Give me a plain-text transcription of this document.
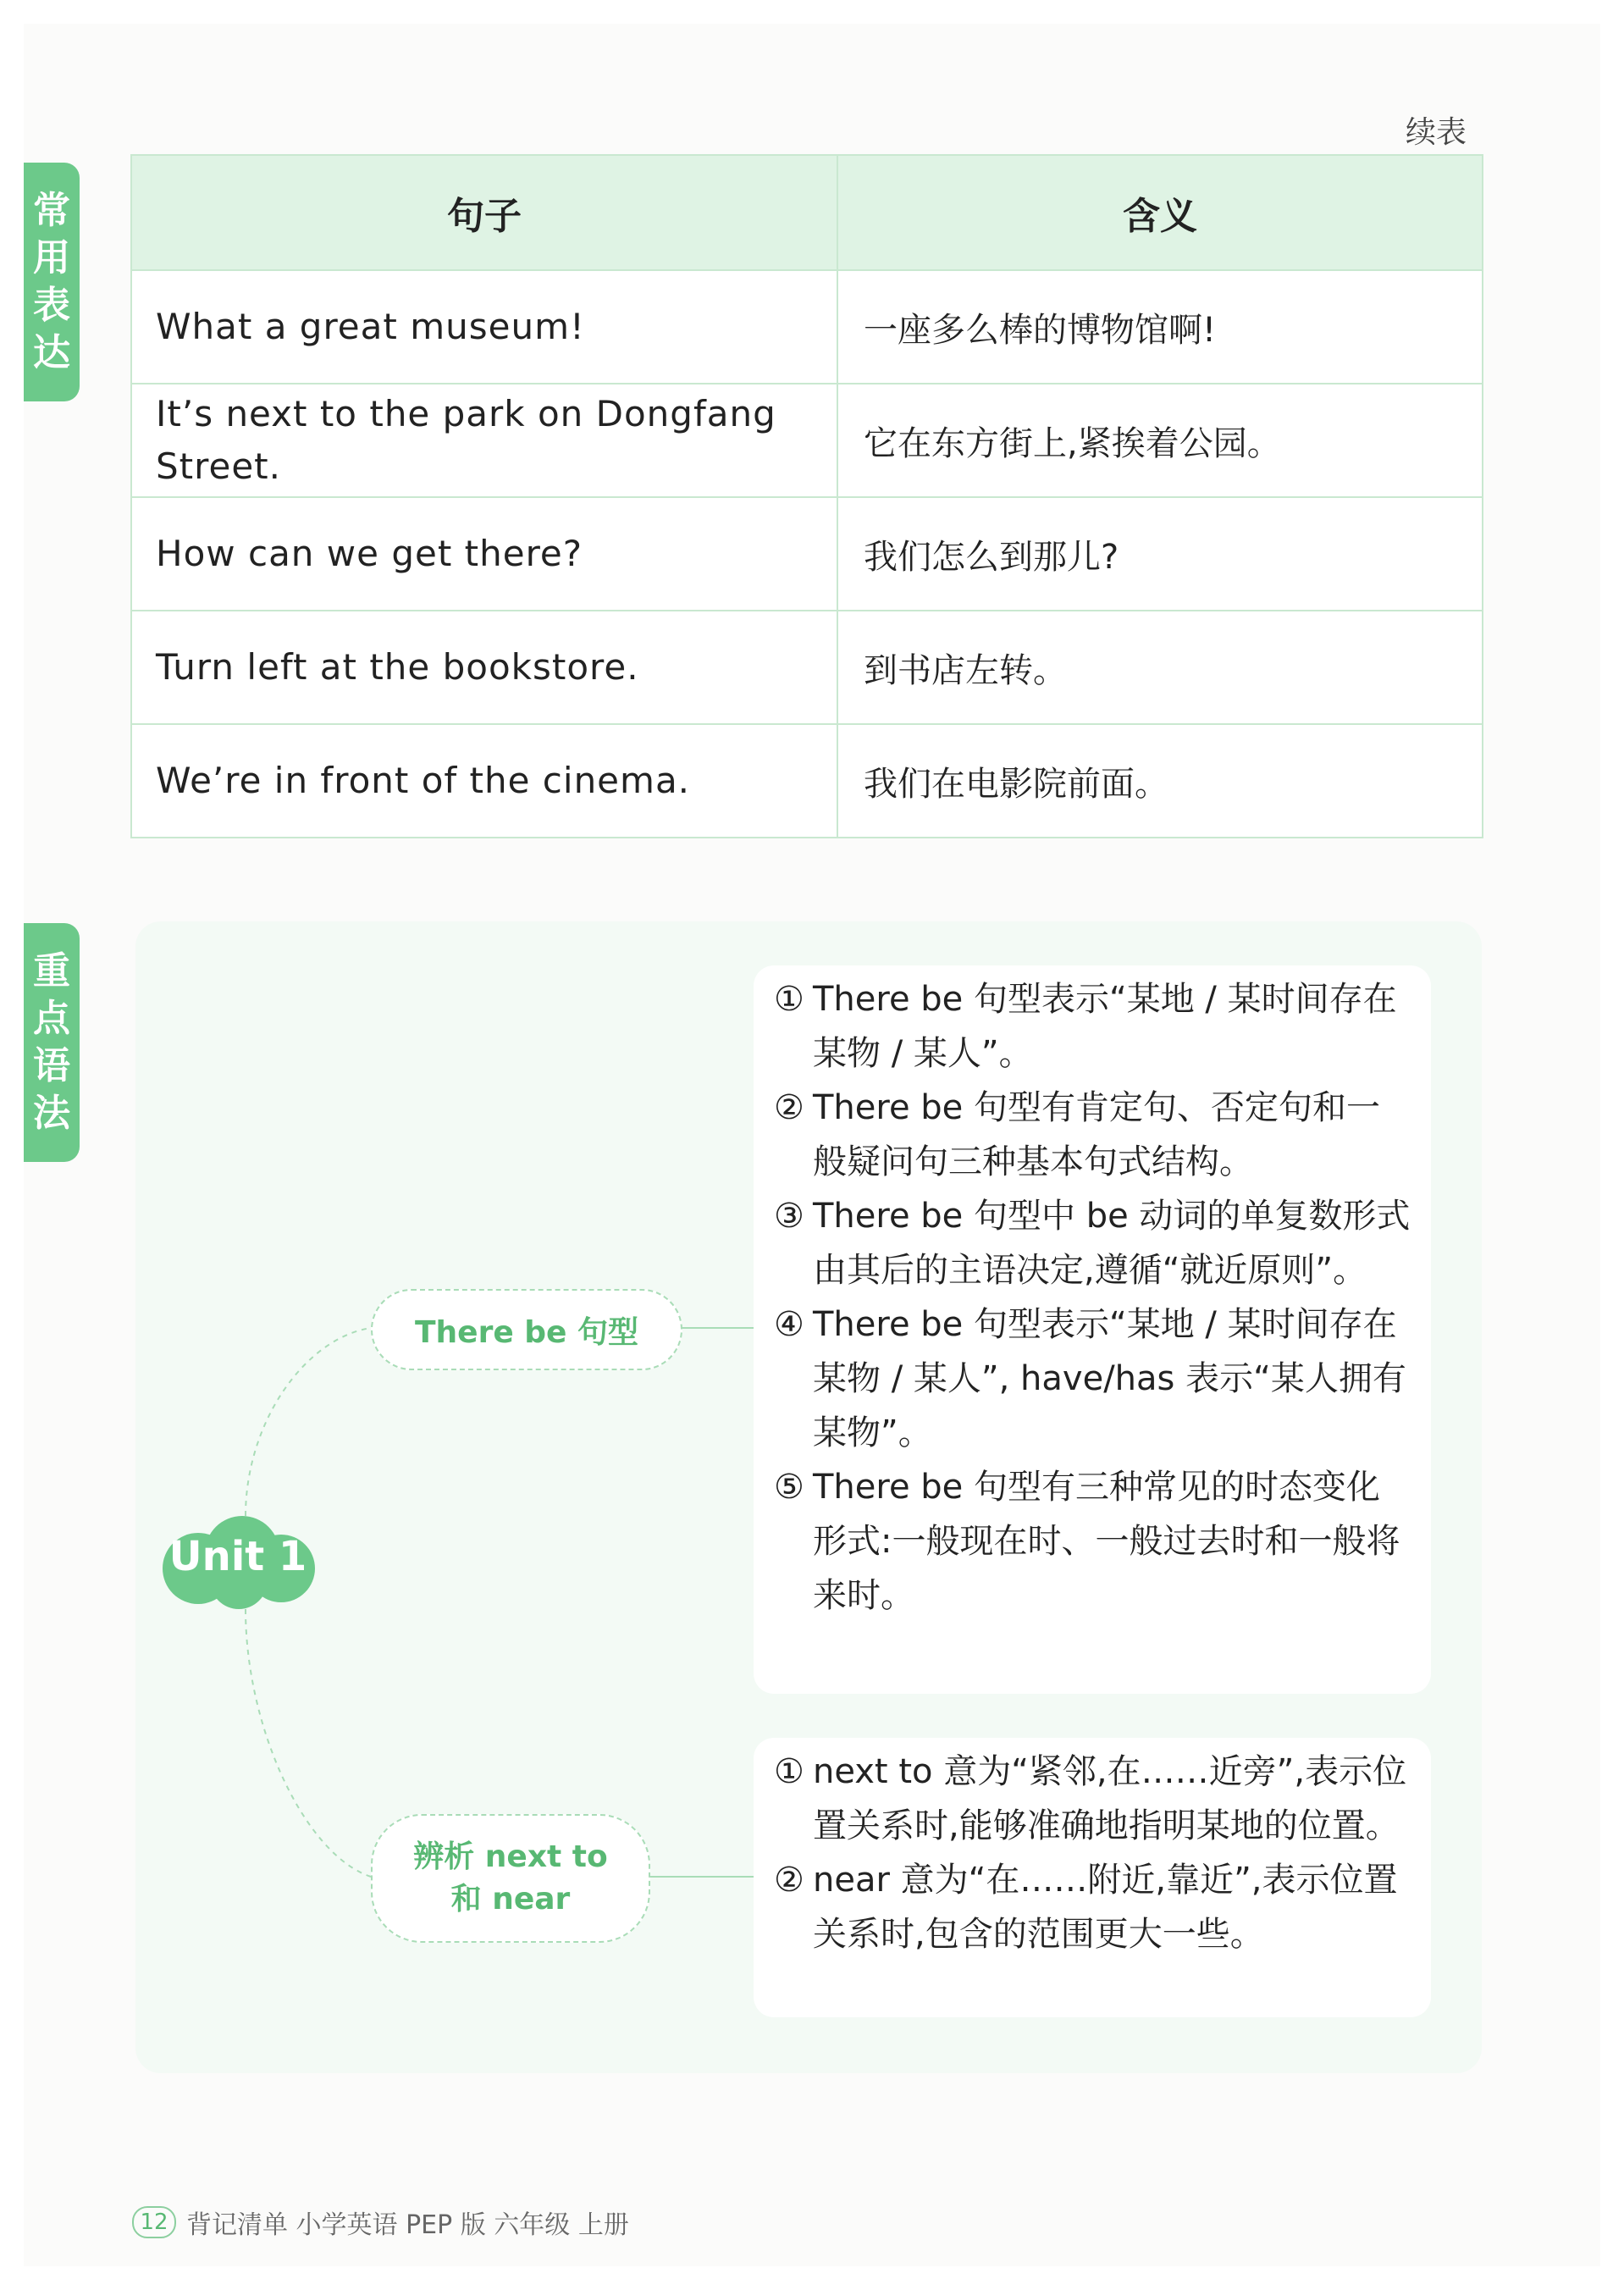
续表
常
用
表
达
句子	含义
What a great museum!	一座多么棒的博物馆啊!
It’s next to the park on Dongfang Street.	它在东方街上,紧挨着公园。
How can we get there?	我们怎么到那儿?
Turn left at the bookstore.	到书店左转。
We’re in front of the cinema.	我们在电影院前面。
重
点
语
法
Unit 1
There be 句型
辨析 next to
和 near
① There be 句型表示“某地 / 某时间存在某物 / 某人”。
② There be 句型有肯定句、否定句和一般疑问句三种基本句式结构。
③ There be 句型中 be 动词的单复数形式由其后的主语决定,遵循“就近原则”。
④ There be 句型表示“某地 / 某时间存在某物 / 某人”, have/has 表示“某人拥有某物”。
⑤ There be 句型有三种常见的时态变化形式:一般现在时、一般过去时和一般将来时。
① next to 意为“紧邻,在……近旁”,表示位置关系时,能够准确地指明某地的位置。
② near 意为“在……附近,靠近”,表示位置关系时,包含的范围更大一些。
12 背记清单 小学英语 PEP 版 六年级 上册
